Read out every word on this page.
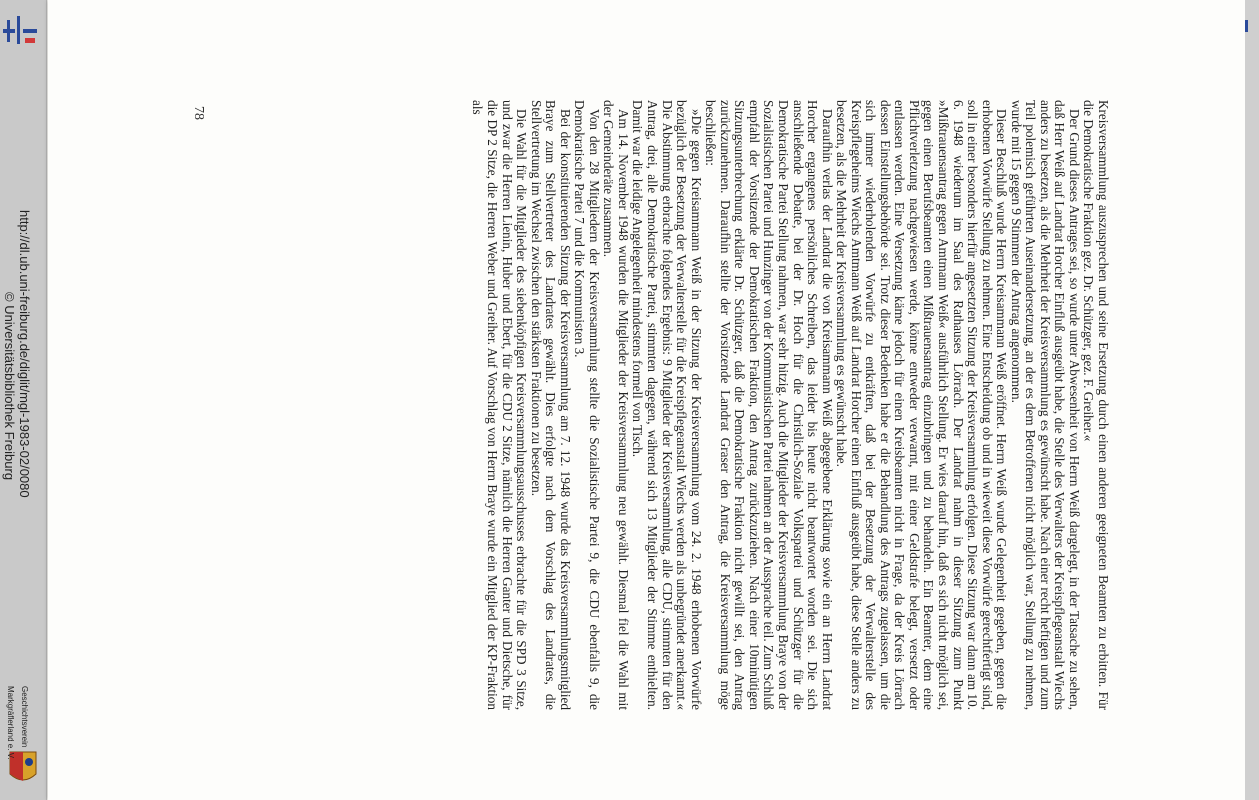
78	Kreisversammlung auszusprechen und seine Ersetzung durch einen anderen geeigneten Beamten zu erbitten. Für die Demokratische Fraktion gez. Dr. Schützger, gez. F. Greiher.«

Der Grund dieses Antrages sei, so wurde unter Abwesenheit von Herrn Weiß dargelegt, in der Tatsache zu sehen, daß Herr Weiß auf Landrat Horcher Einfluß ausgeübt habe, die Stelle des Verwalters der Kreispflegeanstalt Wiechs anders zu besetzen, als die Mehrheit der Kreisversammlung es gewünscht habe. Nach einer recht heftigen und zum Teil polemisch geführten Auseinandersetzung, an der es dem Betroffenen nicht möglich war, Stellung zu nehmen, wurde mit 15 gegen 9 Stimmen der Antrag angenommen.

Dieser Beschluß wurde Herrn Kreisammann Weiß eröffnet. Herrn Weiß wurde Gelegenheit gegeben, gegen die erhobenen Vorwürfe Stellung zu nehmen. Eine Entscheidung ob und in wieweit diese Vorwürfe gerechtfertigt sind, soll in einer besonders hierfür angesetzten Sitzung der Kreisversammlung erfolgen. Diese Sitzung war dann am 10. 6. 1948 wiederum im Saal des Rathauses Lörrach. Der Landrat nahm in dieser Sitzung zum Punkt »Mißtrauensantrag gegen Amtmann Weiß« ausführlich Stellung. Er wies darauf hin, daß es sich nicht möglich sei, gegen einen Berufsbeamten einen Mißtrauensantrag einzubringen und zu behandeln. Ein Beamter, dem eine Pflichtverletzung nachgewiesen werde, könne entweder verwarnt, mit einer Geldstrafe belegt, versetzt oder entlassen werden. Eine Versetzung käme jedoch für einen Kreisbeamten nicht in Frage, da der Kreis Lörrach dessen Einstellungsbehörde sei. Trotz dieser Bedenken habe er die Behandlung des Antrags zugelassen, um die sich immer wiederholenden Vorwürfe zu entkräften, daß bei der Besetzung der Verwalterstelle des Kreispflegeheims Wiechs Amtmann Weiß auf Landrat Horcher einen Einfluß ausgeübt habe, diese Stelle anders zu besetzen, als die Mehrheit der Kreisversammlung es gewünscht habe.

Daraufhin verlas der Landrat die von Kreisammann Weiß abgegebene Erklärung sowie ein an Herrn Landrat Horcher ergangenes persönliches Schreiben, das leider bis heute nicht beantwortet worden sei. Die sich anschließende Debatte, bei der Dr. Hoch für die Christlich-Soziale Volkspartei und Schützger für die Demokratische Partei Stellung nahmen, war sehr hitzig. Auch die Mitglieder der Kreisversammlung Braye von der Sozialistischen Partei und Hunzinger von der Kommunistischen Partei nahmen an der Aussprache teil. Zum Schluß empfahl der Vorsitzende der Demokratischen Fraktion, den Antrag zurückzuziehen. Nach einer 10minütigen Sitzungsunterbrechung erklärte Dr. Schützger, daß die Demokratische Fraktion nicht gewillt sei, den Antrag zurückzunehmen. Daraufhin stellte der Vorsitzende Landrat Graser den Antrag, die Kreisversammlung möge beschließen:

»Die gegen Kreisammann Weiß in der Sitzung der Kreisversammlung vom 24. 2. 1948 erhobenen Vorwürfe bezüglich der Besetzung der Verwalterstelle für die Kreispflegeanstalt Wiechs werden als unbegründet anerkannt.« Die Abstimmung erbrachte folgendes Ergebnis: 9 Mitglieder der Kreisversammlung, alle CDU, stimmten für den Antrag, drei, alle Demokratische Partei, stimmten dagegen, während sich 13 Mitglieder der Stimme enthielten. Damit war die leidige Angelegenheit mindestens formell von Tisch.

Am 14. November 1948 wurden die Mitglieder der Kreisversammlung neu gewählt. Diesmal fiel die Wahl mit der Gemeinderäte zusammen.

Von den 28 Mitgliedern der Kreisversammlung stellte die Sozialistische Partei 9, die CDU ebenfalls 9, die Demokratische Partei 7 und die Kommunisten 3.

Bei der konstituierenden Sitzung der Kreisversammlung am 7. 12. 1948 wurde das Kreisversammlungsmitglied Braye zum Stellvertreter des Landrates gewählt. Dies erfolgte nach dem Vorschlag des Landrates, die Stellvertretung im Wechsel zwischen den stärksten Fraktionen zu besetzen.

Die Wahl für die Mitglieder des siebenköpfigen Kreisversammlungsausschusses erbrachte für die SPD 3 Sitze, und zwar die Herren Lienin, Huber und Ebert, für die CDU 2 Sitze, nämlich die Herren Ganter und Dietsche, für die DP 2 Sitze, die Herren Weber und Greiher. Auf Vorschlag von Herrn Braye wurde ein Mitglied der KP-Fraktion als

http://dl.ub.uni-freiburg.de/diglit/mgl-1983-02/0080
© Universitätsbibliothek Freiburg
Geschichtsverein
Markgräflerland e. V.
